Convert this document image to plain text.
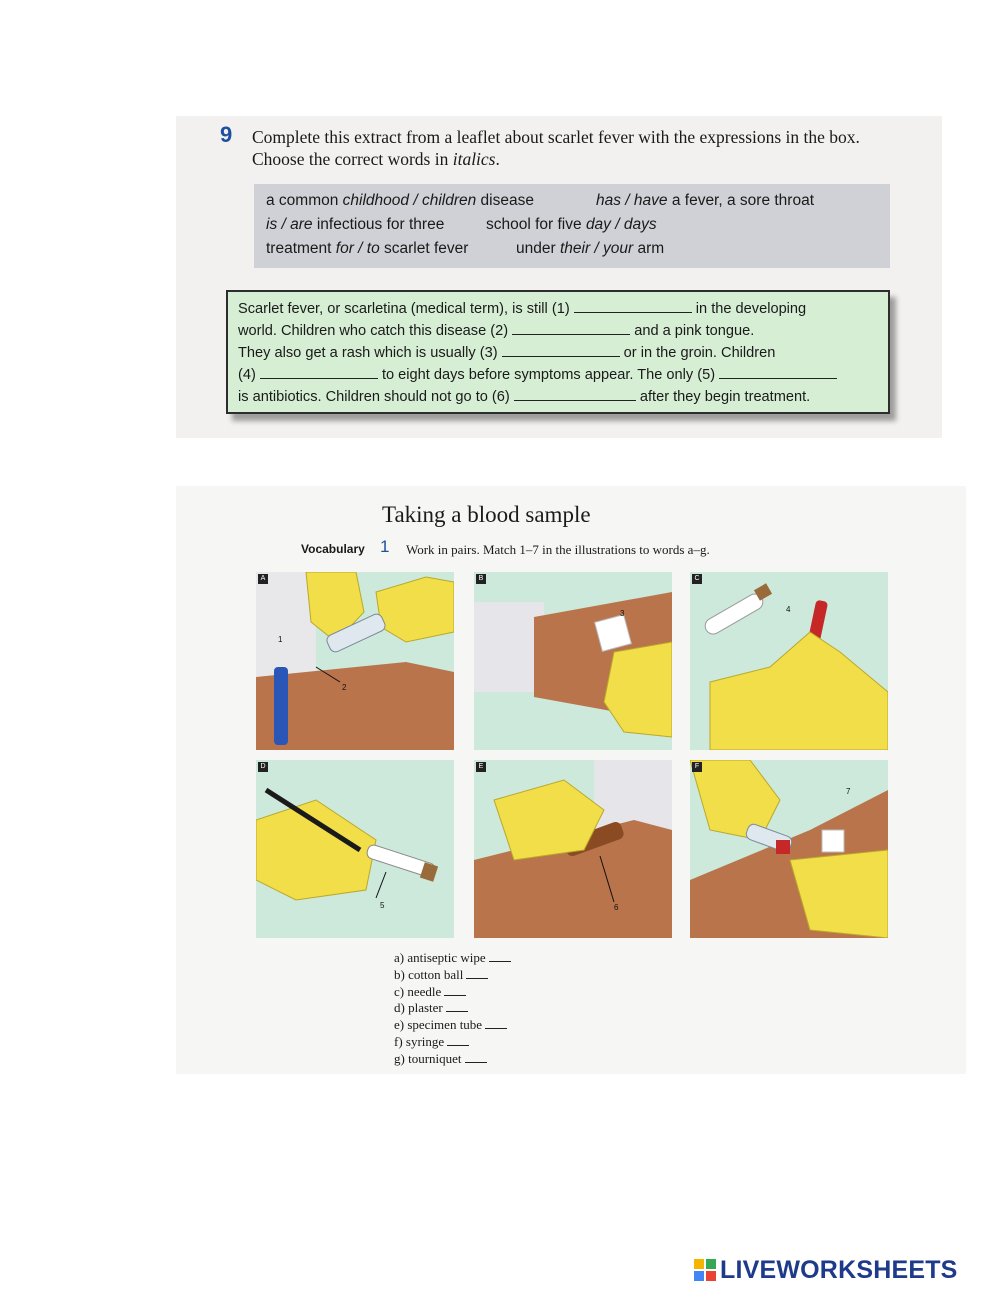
9 Complete this extract from a leaflet about scarlet fever with the expressions in the box. Choose the correct words in italics.
a common childhood / children disease	has / have a fever, a sore throat
is / are infectious for three	school for five day / days
treatment for / to scarlet fever	under their / your arm
Scarlet fever, or scarletina (medical term), is still (1)	in the developing
world. Children who catch this disease (2)	and a pink tongue.
They also get a rash which is usually (3)	or in the groin. Children
(4)	to eight days before symptoms appear. The only (5)
is antibiotics. Children should not go to (6)	after they begin treatment.
Taking a blood sample
Vocabulary 1 Work in pairs. Match 1–7 in the illustrations to words a–g.
A
1
2
B
3
C
4
D
5
E
6
F
7
a) antiseptic wipe
b) cotton ball
c) needle
d) plaster
e) specimen tube
f) syringe
g) tourniquet
LIVEWORKSHEETS
